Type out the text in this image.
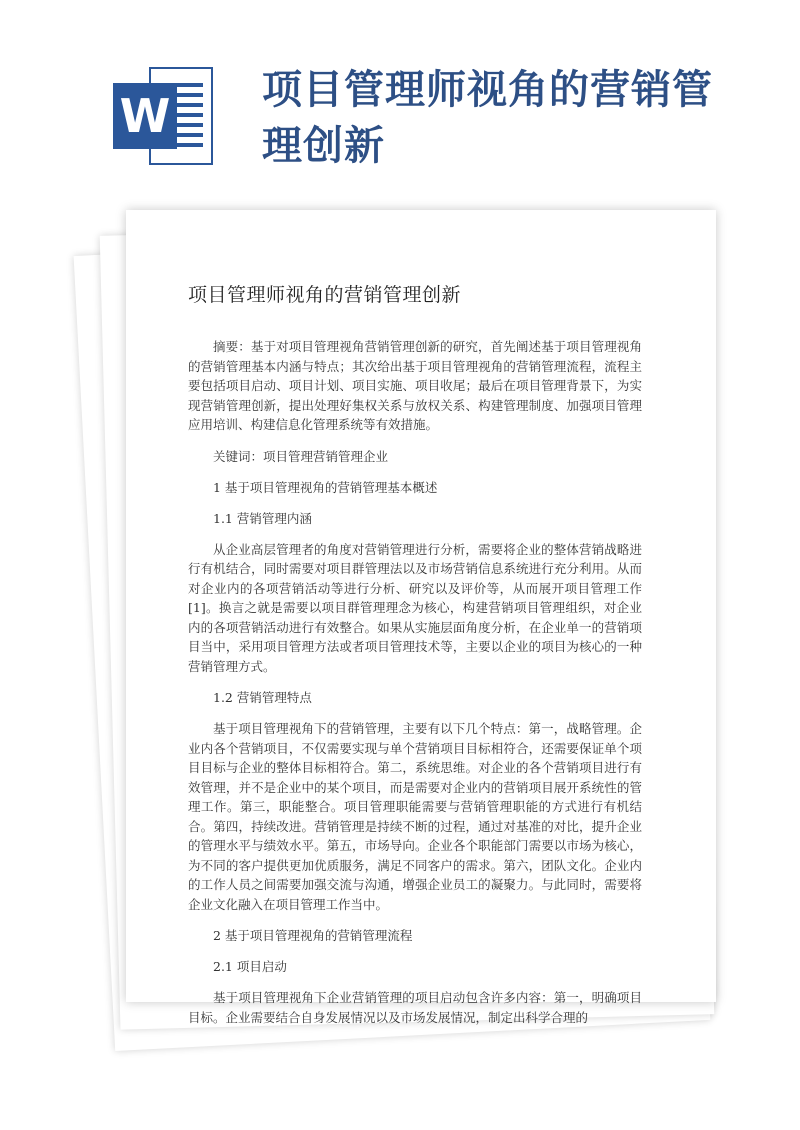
W 项目管理师视角的营销管理创新
项目管理师视角的营销管理创新

摘要：基于对项目管理视角营销管理创新的研究，首先阐述基于项目管理视角的营销管理基本内涵与特点；其次给出基于项目管理视角的营销管理流程，流程主要包括项目启动、项目计划、项目实施、项目收尾；最后在项目管理背景下，为实现营销管理创新，提出处理好集权关系与放权关系、构建管理制度、加强项目管理应用培训、构建信息化管理系统等有效措施。

关键词：项目管理营销管理企业

1 基于项目管理视角的营销管理基本概述

1.1 营销管理内涵

从企业高层管理者的角度对营销管理进行分析，需要将企业的整体营销战略进行有机结合，同时需要对项目群管理法以及市场营销信息系统进行充分利用。从而对企业内的各项营销活动等进行分析、研究以及评价等，从而展开项目管理工作[1]。换言之就是需要以项目群管理理念为核心，构建营销项目管理组织，对企业内的各项营销活动进行有效整合。如果从实施层面角度分析，在企业单一的营销项目当中，采用项目管理方法或者项目管理技术等，主要以企业的项目为核心的一种营销管理方式。

1.2 营销管理特点

基于项目管理视角下的营销管理，主要有以下几个特点：第一，战略管理。企业内各个营销项目，不仅需要实现与单个营销项目目标相符合，还需要保证单个项目目标与企业的整体目标相符合。第二，系统思维。对企业的各个营销项目进行有效管理，并不是企业中的某个项目，而是需要对企业内的营销项目展开系统性的管理工作。第三，职能整合。项目管理职能需要与营销管理职能的方式进行有机结合。第四，持续改进。营销管理是持续不断的过程，通过对基准的对比，提升企业的管理水平与绩效水平。第五，市场导向。企业各个职能部门需要以市场为核心，为不同的客户提供更加优质服务，满足不同客户的需求。第六，团队文化。企业内的工作人员之间需要加强交流与沟通，增强企业员工的凝聚力。与此同时，需要将企业文化融入在项目管理工作当中。

2 基于项目管理视角的营销管理流程

2.1 项目启动

基于项目管理视角下企业营销管理的项目启动包含许多内容：第一，明确项目目标。企业需要结合自身发展情况以及市场发展情况，制定出科学合理的
